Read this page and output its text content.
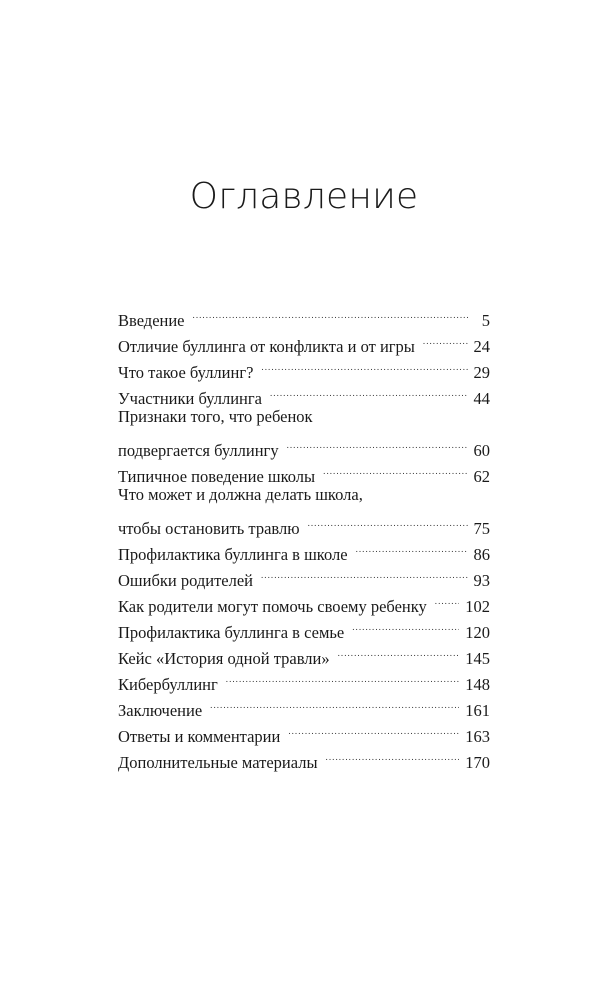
Оглавление
Введение . . .	5
Отличие буллинга от конфликта и от игры . . .	24
Что такое буллинг? . . .	29
Участники буллинга . . .	44
Признаки того, что ребенок
подвергается буллингу . . .	60
Типичное поведение школы . . .	62
Что может и должна делать школа,
чтобы остановить травлю . . .	75
Профилактика буллинга в школе . . .	86
Ошибки родителей . . .	93
Как родители могут помочь своему ребенку . . . 102
Профилактика буллинга в семье . . .	120
Кейс «История одной травли» . . .	145
Кибербуллинг . . .	148
Заключение . . .	161
Ответы и комментарии . . .	163
Дополнительные материалы . . .	170
